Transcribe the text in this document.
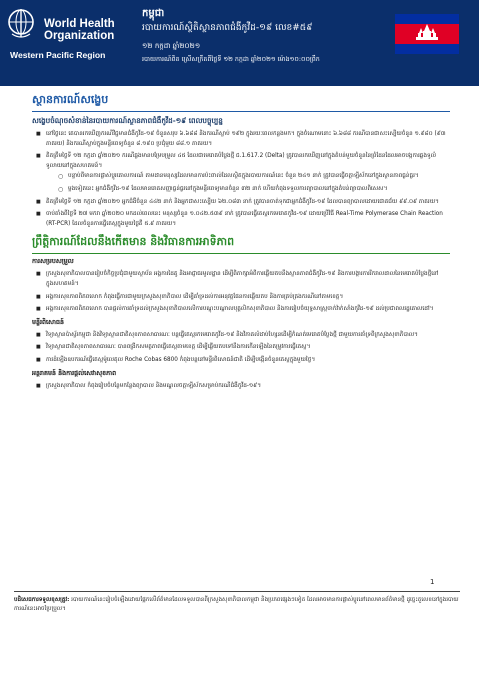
World Health Organization
Western Pacific Region
កម្ពុជា
របាយការណ៍ស្ថិតិស្ថានភាពជំងឺកូវីដ-១៩ លេខ#៥៩
១២ កក្កដា ឆ្នាំ២០២១
របាយការណ៍ពិត ស្រើសក្រឹតពីថ្ងៃទី ១២ កក្កដា ឆ្នាំ២០២១ ម៉ោង១០:០០ព្រឹក
ស្ថានការណ៍សង្ខេប
សង្ខេបចំណុចសំខាន់នៃរបាយការណ៍ស្ថានភាពជំងឺកូវីដ-១៩ ពេលបច្ចុប្បន្ន
■ នៅថ្ងៃនេះ គេបានរកឃើញករណីវិជ្ជមានជំងឺកូវីដ-១៩ ចំនួនសរុប ៦.៦៨៨ និងករណីស្លាប់ ១៩២ ក្នុងរយៈពេលកន្លងមក។ ក្នុងចំណោមនោះ ៦.៦៨៨ ករណីបានជាសះស្បើយចំនួន ១.៩៨០ (៩៣ ភាគរយ) និងករណីស្លាប់ក្នុងមន្ទីរពេទ្យចំនួន ៨.១៩០ ប្រជុំមួយ ៨៨.១ ភាគរយ។
■ គិតត្រឹមថ្ងៃទី ១២ កក្កដា ឆ្នាំ២០២១ ករណីឆ្លងមានបម្រែបម្រួល ៤៥ ដែលជាមេរោគបំប្លែងថ្មី ជ.1.617.2 (Delta) ត្រូវបានរកឃើញនៅក្នុងតំបន់មួយចំនួននៃព្រំដែនដែលអាចបង្កការឆ្លងទូលំទូលាយនៅក្នុងសហគមន៍។
○ បន្ទាប់ពីមានការផ្លាស់ប្តូរគោលការណ៍ តាមដានមនុស្សដែលមានការប៉ះពាល់ដែលស្ថិតក្នុងរបាយការណ៍នេះ ចំនួន ២៤១ នាក់ ត្រូវបានធ្វើចត្តាឡីស័កនៅក្នុងស្ថានភាពធ្ងន់ធ្ងរ។
○ ម្តងទៀតនេះ អ្នកជំងឺកូវីដ-១៩ ដែលមានរោគសញ្ញាធ្ងន់ធ្ងរនៅក្នុងមន្ទីរពេទ្យមានចំនួន ៣២ នាក់ ហើយកំពុងទទួលការព្យាបាលនៅក្នុងតំបន់ព្យាបាលពិសេស។
■ គិតត្រឹមថ្ងៃទី ១២ កក្កដា ឆ្នាំ២០២១ អ្នកជំងឺចំនួន ៤៤២ នាក់ និងអ្នកជាសះស្បើយ ៦២.០៨៣ នាក់ ត្រូវបានចាត់ទុកជាអ្នកជំងឺកូវីដ-១៩ ដែលបានព្យាបាលដោយជោគជ័យ ៩៩.០៩ ភាគរយ។
■ ចាប់តាំងពីថ្ងៃទី ២៧ មករា ឆ្នាំ២០២០ មកដល់ពេលនេះ មនុស្សចំនួន ១.០៤២.៥៣៩ នាក់ ត្រូវបានធ្វើតេស្តរកមេរោគកូវីដ-១៩ ដោយប្រើវិធី Real-Time Polymerase Chain Reaction (RT-PCR) ដែលចំនួនការធ្វើតេស្តក្នុងមួយថ្ងៃគឺ ៥.៩ ភាគរយ។
ព្រឹត្តិការណ៍ដែលនឹងកើតមាន និងវិធានការអាទិភាព
ការសម្របសម្រួល
■ ក្រសួងសុខាភិបាលបានរៀបចំកិច្ចប្រជុំជាមួយស្ថាប័ន អង្គការដៃគូ និងអាជ្ញាធរមូលដ្ឋាន ដើម្បីពិភាក្សាអំពីការឆ្លើយតបនឹងស្ថានភាពជំងឺកូវីដ-១៩ និងការបង្ការការរីករាលដាលនៃមេរោគបំប្លែងថ្មីនៅក្នុងសហគមន៍។
■ អង្គការសុខភាពពិភពលោក កំពុងធ្វើការជាមួយក្រសួងសុខាភិបាល ដើម្បីគាំទ្រដល់ការអនុវត្តផែនការឆ្លើយតប និងការគ្រប់គ្រងករណីនៅតាមខេត្ត។
■ អង្គការសុខភាពពិភពលោក បានផ្តល់ការគាំទ្រដល់ក្រសួងសុខាភិបាលលើការបណ្តុះបណ្តាលបុគ្គលិកសុខាភិបាល និងការរៀបចំយុទ្ធសាស្ត្រចាក់វ៉ាក់សាំងកូវីដ-១៩ ដល់ប្រជាពលរដ្ឋគោលដៅ។
មន្ទីរពិសោធន៍
■ វិទ្យាស្ថានប៉ាស្ទ័រកម្ពុជា និងវិទ្យាស្ថានជាតិសុខភាពសាធារណៈ បន្តធ្វើតេស្តរកមេរោគកូវីដ-១៩ និងវិភាគលំដាប់ហ្សែនដើម្បីកំណត់មេរោគបំប្លែងថ្មី ជាមួយការគាំទ្រពីក្រសួងសុខាភិបាល។
■ វិទ្យាស្ថានជាតិសុខភាពសាធារណៈ បានពង្រីកសមត្ថភាពធ្វើតេស្តតាមខេត្ត ដើម្បីឆ្លើយតបទៅនឹងការកើនឡើងនៃតម្រូវការធ្វើតេស្ត។
■ ការដំឡើងឧបករណ៍ធ្វើតេស្តម៉ូលេគុល Roche Cobas 6800 កំពុងបន្តនៅមន្ទីរពិសោធន៍ជាតិ ដើម្បីបង្កើនចំនួនតេស្តក្នុងមួយថ្ងៃ។
អន្តរាគមន៍ និងការផ្តល់សេវាសុខភាព
■ ក្រសួងសុខាភិបាល កំពុងរៀបចំបន្ថែមកន្លែងព្យាបាល និងមណ្ឌលចត្តាឡីស័កសម្រាប់ករណីជំងឺកូវីដ-១៩។
1
បដិសេធការទទួលខុសត្រូវ: របាយការណ៍នេះរៀបចំឡើងដោយផ្អែកលើព័ត៌មានដែលទទួលបានពីក្រសួងសុខាភិបាលកម្ពុជា និងប្រភពផ្សេងៗទៀត ដែលអាចមានការផ្លាស់ប្តូរនៅពេលមានព័ត៌មានថ្មី ដូច្នេះតួលេខនៅក្នុងរបាយការណ៍នេះអាចប្រែប្រួល។
